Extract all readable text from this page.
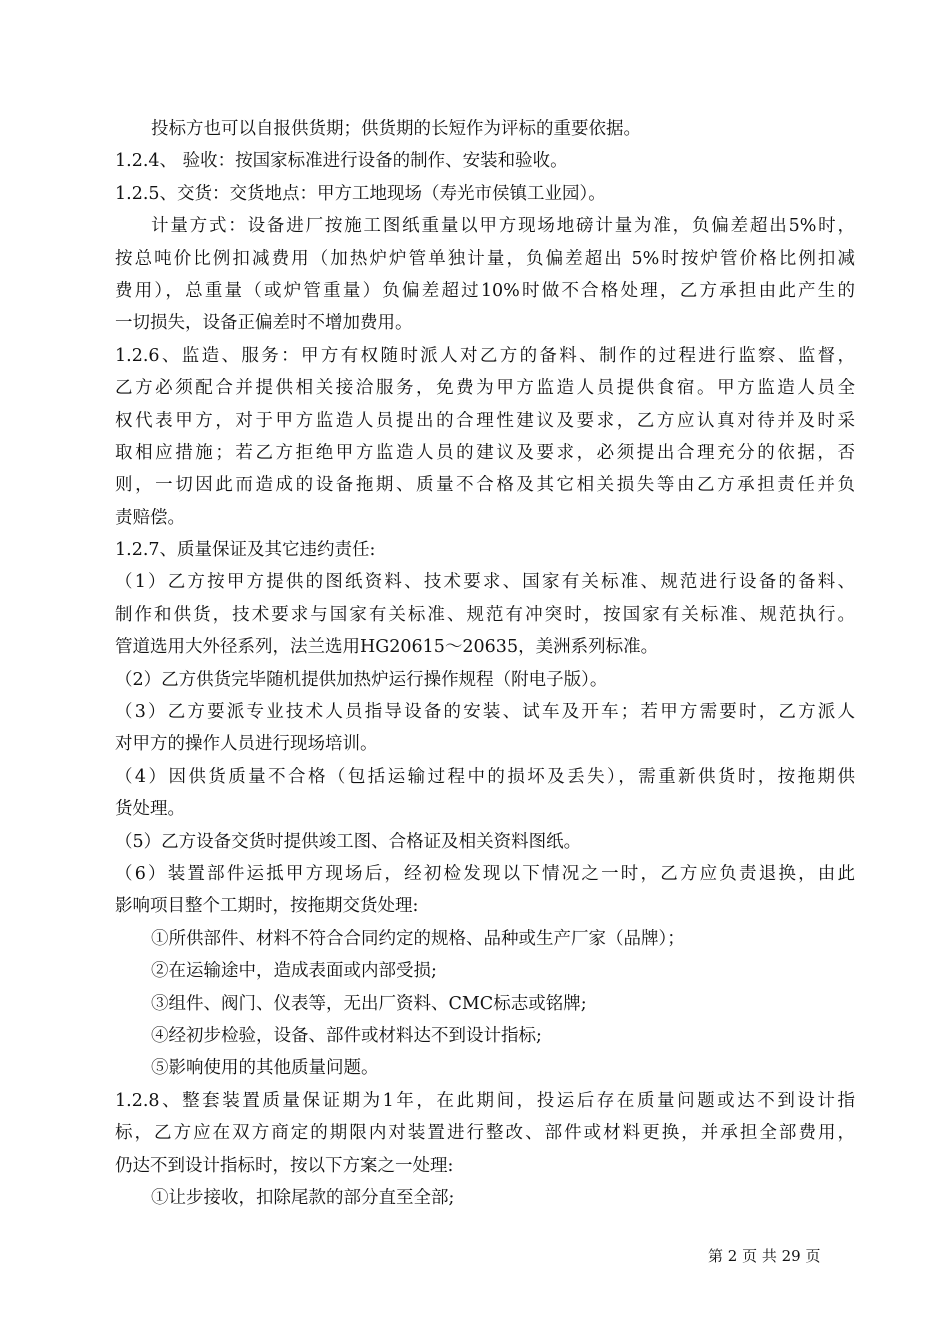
投标方也可以自报供货期；供货期的长短作为评标的重要依据。
1.2.4、 验收：按国家标准进行设备的制作、安装和验收。
1.2.5、交货：交货地点：甲方工地现场（寿光市侯镇工业园）。
计量方式：设备进厂按施工图纸重量以甲方现场地磅计量为准，负偏差超出5%时，
按总吨价比例扣减费用（加热炉炉管单独计量，负偏差超出 5%时按炉管价格比例扣减
费用），总重量（或炉管重量）负偏差超过10%时做不合格处理，乙方承担由此产生的
一切损失，设备正偏差时不增加费用。
1.2.6、监造、服务：甲方有权随时派人对乙方的备料、制作的过程进行监察、监督，
乙方必须配合并提供相关接洽服务，免费为甲方监造人员提供食宿。甲方监造人员全
权代表甲方，对于甲方监造人员提出的合理性建议及要求，乙方应认真对待并及时采
取相应措施；若乙方拒绝甲方监造人员的建议及要求，必须提出合理充分的依据，否
则，一切因此而造成的设备拖期、质量不合格及其它相关损失等由乙方承担责任并负
责赔偿。
1.2.7、质量保证及其它违约责任:
（1）乙方按甲方提供的图纸资料、技术要求、国家有关标准、规范进行设备的备料、
制作和供货，技术要求与国家有关标准、规范有冲突时，按国家有关标准、规范执行。
管道选用大外径系列，法兰选用HG20615～20635，美洲系列标准。
（2）乙方供货完毕随机提供加热炉运行操作规程（附电子版）。
（3）乙方要派专业技术人员指导设备的安装、试车及开车；若甲方需要时，乙方派人
对甲方的操作人员进行现场培训。
（4）因供货质量不合格（包括运输过程中的损坏及丢失），需重新供货时，按拖期供
货处理。
（5）乙方设备交货时提供竣工图、合格证及相关资料图纸。
（6）装置部件运抵甲方现场后，经初检发现以下情况之一时，乙方应负责退换，由此
影响项目整个工期时，按拖期交货处理:
①所供部件、材料不符合合同约定的规格、品种或生产厂家（品牌）；
②在运输途中，造成表面或内部受损;
③组件、阀门、仪表等，无出厂资料、CMC标志或铭牌;
④经初步检验，设备、部件或材料达不到设计指标;
⑤影响使用的其他质量问题。
1.2.8、整套装置质量保证期为1年，在此期间，投运后存在质量问题或达不到设计指
标，乙方应在双方商定的期限内对装置进行整改、部件或材料更换，并承担全部费用，
仍达不到设计指标时，按以下方案之一处理:
①让步接收，扣除尾款的部分直至全部;
第 2 页 共 29 页
